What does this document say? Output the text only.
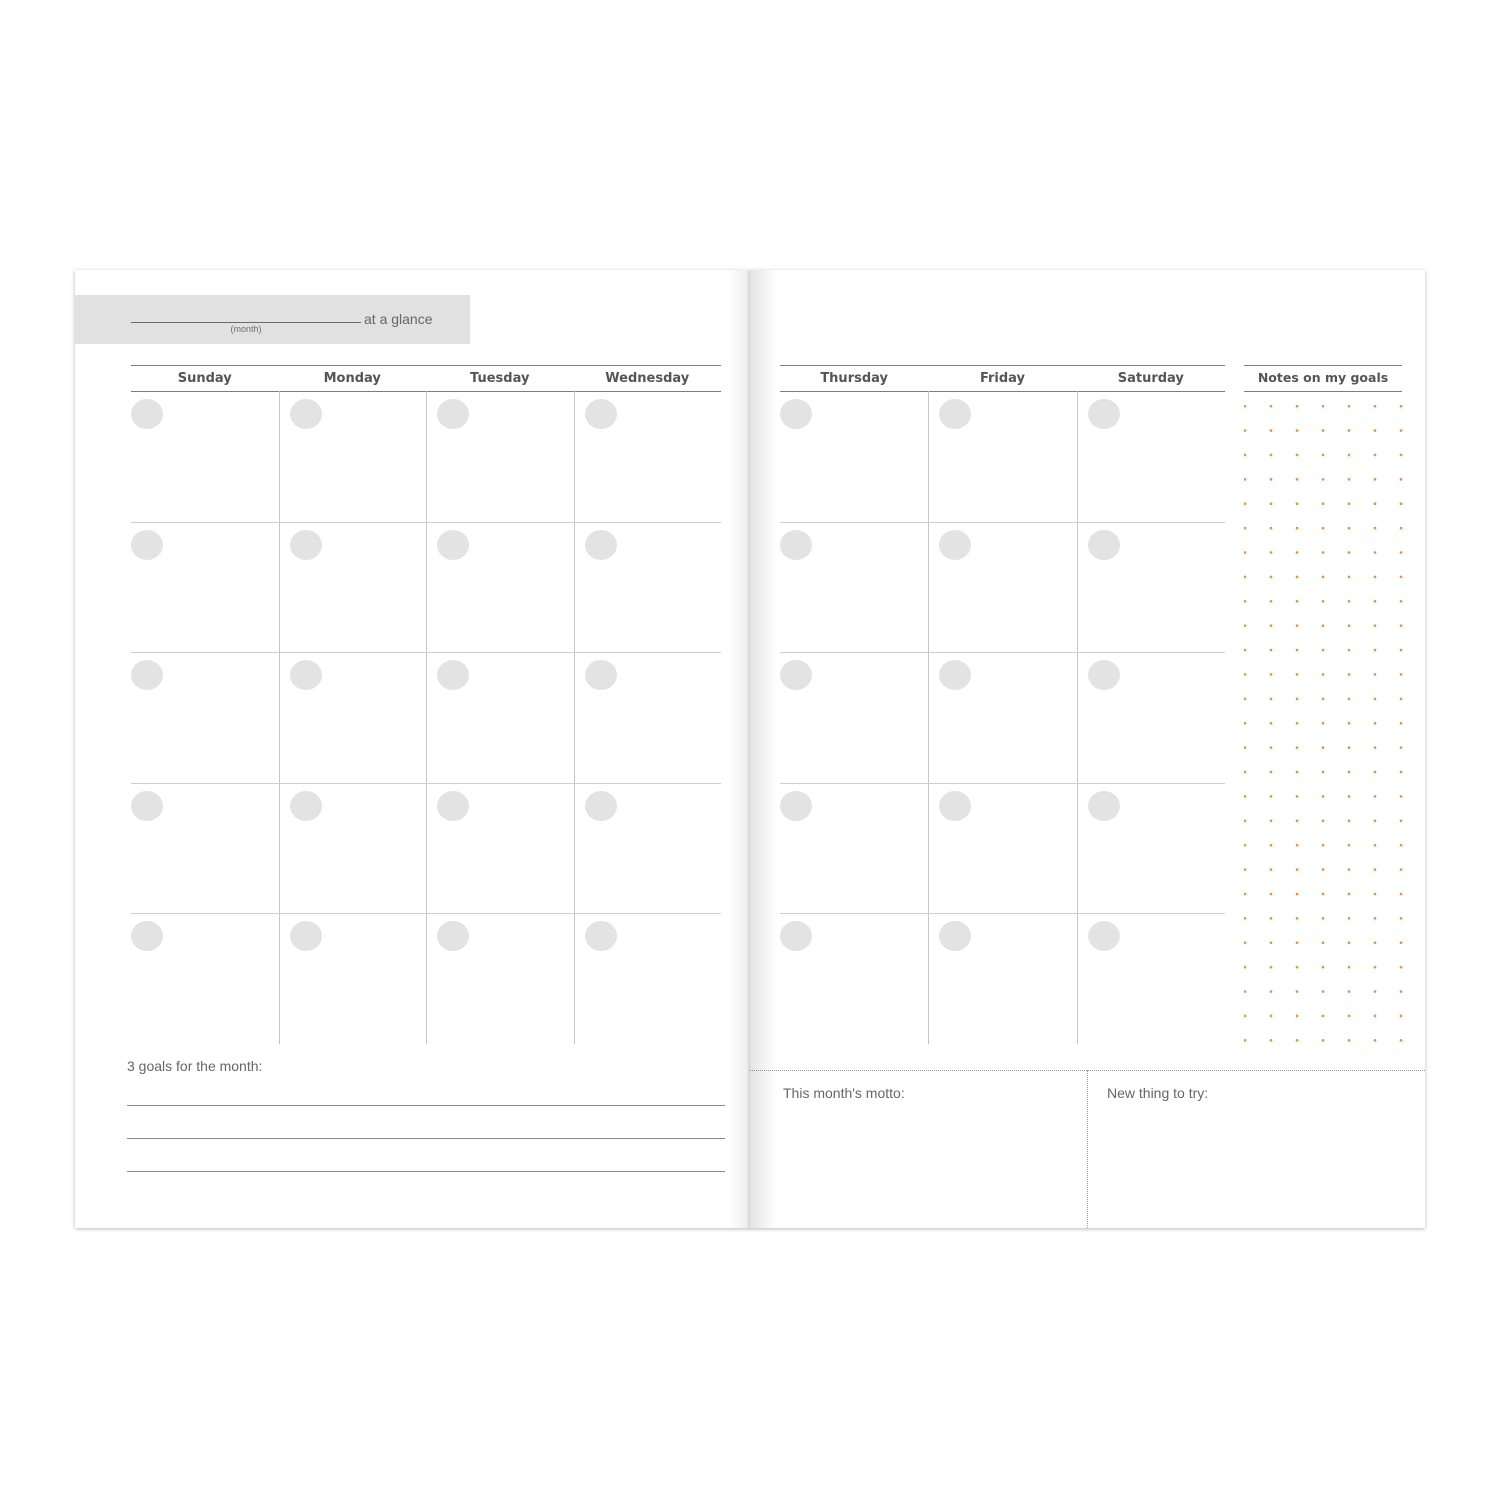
(month)
at a glance
Sunday	Monday	Tuesday	Wednesday
3 goals for the month:
Thursday	Friday	Saturday	Notes on my goals
This month's motto:	New thing to try:
